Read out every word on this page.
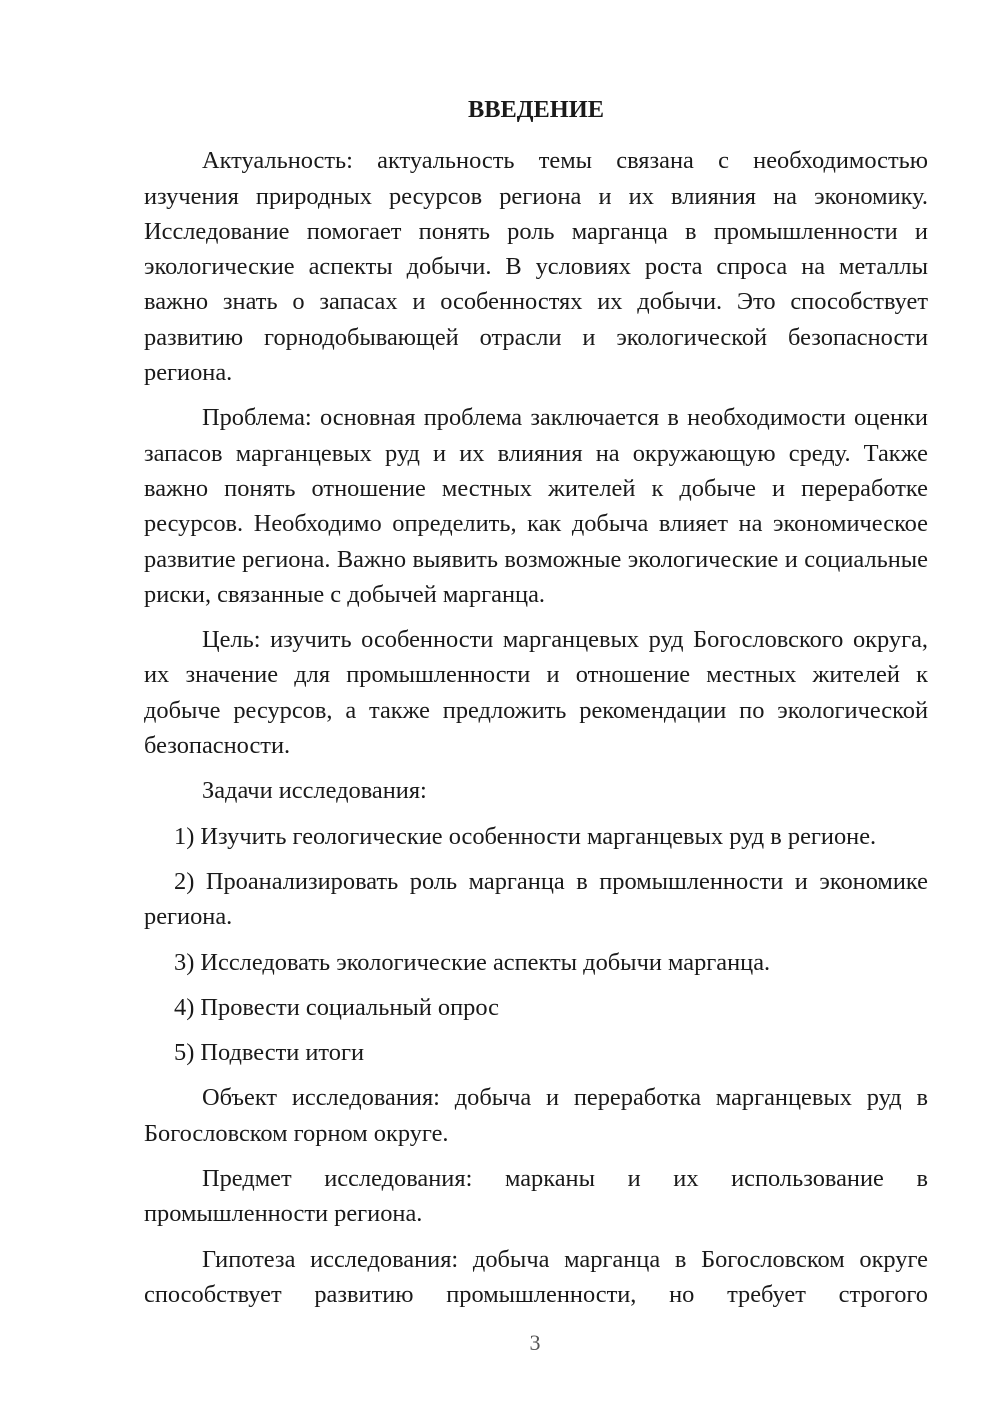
ВВЕДЕНИЕ

Актуальность: актуальность темы связана с необходимостью изучения природных ресурсов региона и их влияния на экономику. Исследование помогает понять роль марганца в промышленности и экологические аспекты добычи. В условиях роста спроса на металлы важно знать о запасах и особенностях их добычи. Это способствует развитию горнодобывающей отрасли и экологической безопасности региона.

Проблема: основная проблема заключается в необходимости оценки запасов марганцевых руд и их влияния на окружающую среду. Также важно понять отношение местных жителей к добыче и переработке ресурсов. Необходимо определить, как добыча влияет на экономическое развитие региона. Важно выявить возможные экологические и социальные риски, связанные с добычей марганца.

Цель: изучить особенности марганцевых руд Богословского округа, их значение для промышленности и отношение местных жителей к добыче ресурсов, а также предложить рекомендации по экологической безопасности.

Задачи исследования:

1) Изучить геологические особенности марганцевых руд в регионе.

2) Проанализировать роль марганца в промышленности и экономике региона.

3) Исследовать экологические аспекты добычи марганца.

4) Провести социальный опрос

5) Подвести итоги

Объект исследования: добыча и переработка марганцевых руд в Богословском горном округе.

Предмет исследования: марканы и их использование в промышленности региона.

Гипотеза исследования: добыча марганца в Богословском округе способствует развитию промышленности, но требует строгого

3
